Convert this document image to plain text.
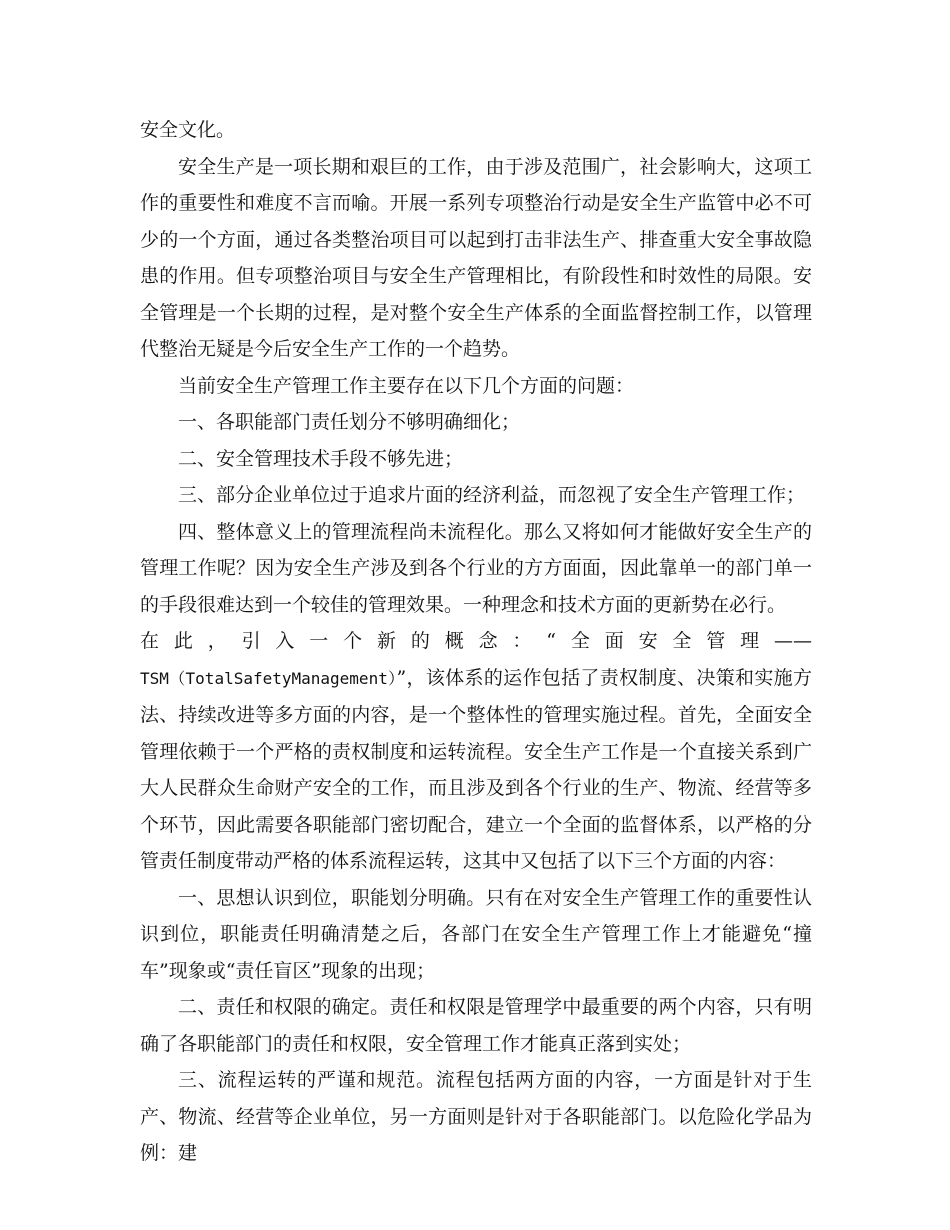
安全文化。

安全生产是一项长期和艰巨的工作，由于涉及范围广，社会影响大，这项工作的重要性和难度不言而喻。开展一系列专项整治行动是安全生产监管中必不可少的一个方面，通过各类整治项目可以起到打击非法生产、排查重大安全事故隐患的作用。但专项整治项目与安全生产管理相比，有阶段性和时效性的局限。安全管理是一个长期的过程，是对整个安全生产体系的全面监督控制工作，以管理代整治无疑是今后安全生产工作的一个趋势。

当前安全生产管理工作主要存在以下几个方面的问题：

一、各职能部门责任划分不够明确细化；

二、安全管理技术手段不够先进；

三、部分企业单位过于追求片面的经济利益，而忽视了安全生产管理工作；

四、整体意义上的管理流程尚未流程化。那么又将如何才能做好安全生产的管理工作呢？因为安全生产涉及到各个行业的方方面面，因此靠单一的部门单一的手段很难达到一个较佳的管理效果。一种理念和技术方面的更新势在必行。

在此，引入一个新的概念：“全面安全管理——

TSM（TotalSafetyManagement）”，该体系的运作包括了责权制度、决策和实施方法、持续改进等多方面的内容，是一个整体性的管理实施过程。首先，全面安全管理依赖于一个严格的责权制度和运转流程。安全生产工作是一个直接关系到广大人民群众生命财产安全的工作，而且涉及到各个行业的生产、物流、经营等多个环节，因此需要各职能部门密切配合，建立一个全面的监督体系，以严格的分管责任制度带动严格的体系流程运转，这其中又包括了以下三个方面的内容：

一、思想认识到位，职能划分明确。只有在对安全生产管理工作的重要性认识到位，职能责任明确清楚之后，各部门在安全生产管理工作上才能避免“撞车”现象或“责任盲区”现象的出现；

二、责任和权限的确定。责任和权限是管理学中最重要的两个内容，只有明确了各职能部门的责任和权限，安全管理工作才能真正落到实处；

三、流程运转的严谨和规范。流程包括两方面的内容，一方面是针对于生产、物流、经营等企业单位，另一方面则是针对于各职能部门。以危险化学品为例：建
